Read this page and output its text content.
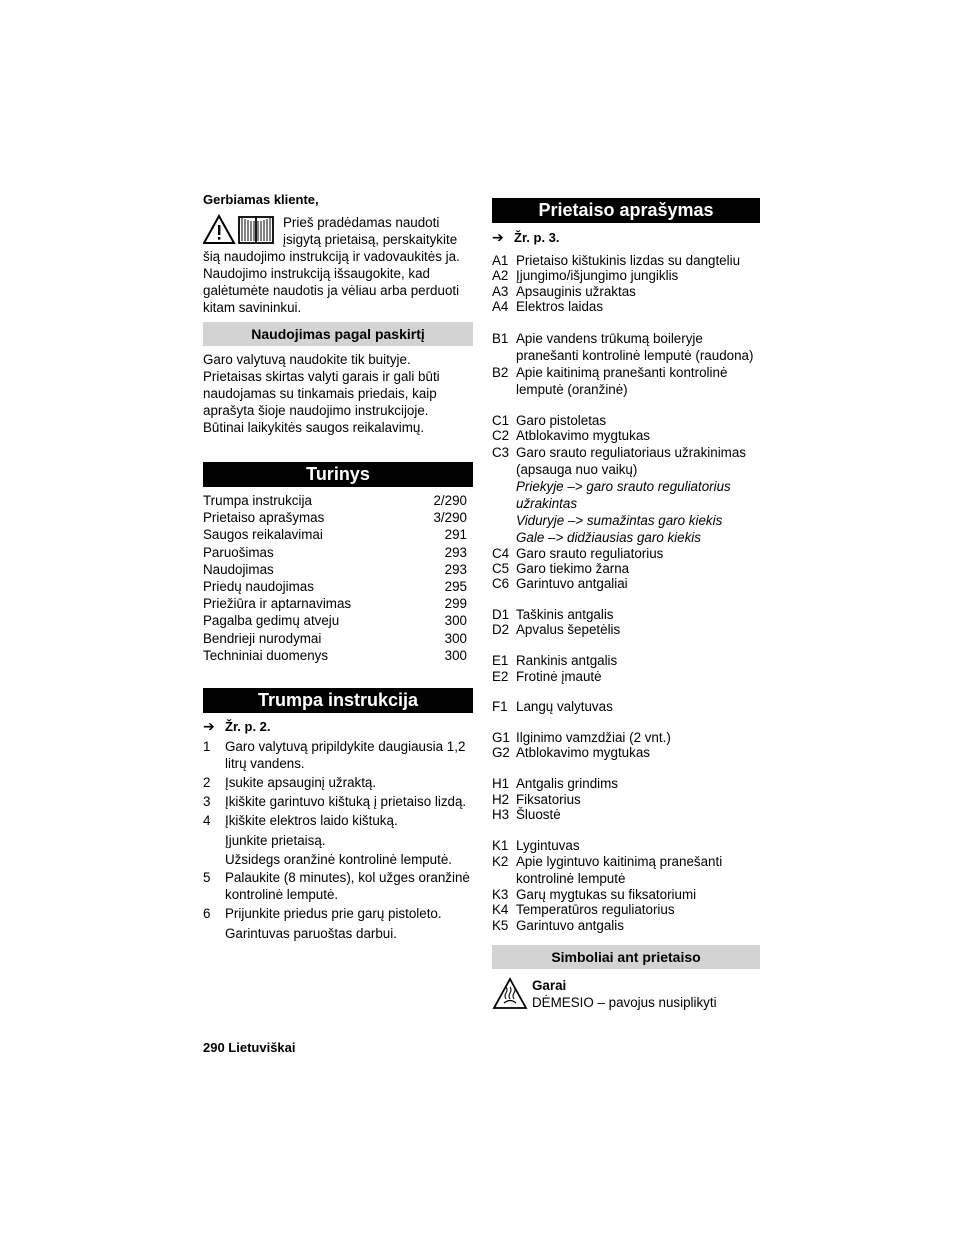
Gerbiamas kliente,
Prieš pradėdamas naudoti įsigytą prietaisą, perskaitykite šią naudojimo instrukciją ir vadovaukitės ja. Naudojimo instrukciją išsaugokite, kad galėtumėte naudotis ja vėliau arba perduoti kitam savininkui.
Naudojimas pagal paskirtį
Garo valytuvą naudokite tik buityje. Prietaisas skirtas valyti garais ir gali būti naudojamas su tinkamais priedais, kaip aprašyta šioje naudojimo instrukcijoje. Būtinai laikykitės saugos reikalavimų.
Turinys
Trumpa instrukcija	2/290
Prietaiso aprašymas	3/290
Saugos reikalavimai	291
Paruošimas	293
Naudojimas	293
Priedų naudojimas	295
Priežiūra ir aptarnavimas	299
Pagalba gedimų atveju	300
Bendrieji nurodymai	300
Techniniai duomenys	300
Trumpa instrukcija
➔ Žr. p. 2.
1	Garo valytuvą pripildykite daugiausia 1,2 litrų vandens.
2	Įsukite apsauginį užraktą.
3	Įkiškite garintuvo kištuką į prietaiso lizdą.
4	Įkiškite elektros laido kištuką.
Įjunkite prietaisą.
Užsidegs oranžinė kontrolinė lemputė.
5	Palaukite (8 minutes), kol užges oranžinė kontrolinė lemputė.
6	Prijunkite priedus prie garų pistoleto.
Garintuvas paruoštas darbui.
Prietaiso aprašymas
➔ Žr. p. 3.
A1 Prietaiso kištukinis lizdas su dangteliu
A2 Įjungimo/išjungimo jungiklis
A3 Apsauginis užraktas
A4 Elektros laidas
B1 Apie vandens trūkumą boileryje pranešanti kontrolinė lemputė (raudona)
B2 Apie kaitinimą pranešanti kontrolinė lemputė (oranžinė)
C1 Garo pistoletas
C2 Atblokavimo mygtukas
C3 Garo srauto reguliatoriaus užrakinimas (apsauga nuo vaikų)
Priekyje –> garo srauto reguliatorius užrakintas
Viduryje –> sumažintas garo kiekis
Gale –> didžiausias garo kiekis
C4 Garo srauto reguliatorius
C5 Garo tiekimo žarna
C6 Garintuvo antgaliai
D1 Taškinis antgalis
D2 Apvalus šepetėlis
E1 Rankinis antgalis
E2 Frotinė įmautė
F1 Langų valytuvas
G1 Ilginimo vamzdžiai (2 vnt.)
G2 Atblokavimo mygtukas
H1 Antgalis grindims
H2 Fiksatorius
H3 Šluostė
K1 Lygintuvas
K2 Apie lygintuvo kaitinimą pranešanti kontrolinė lemputė
K3 Garų mygtukas su fiksatoriumi
K4 Temperatūros reguliatorius
K5 Garintuvo antgalis
Simboliai ant prietaiso
Garai
DĖMESIO – pavojus nusiplikyti
290 Lietuviškai
